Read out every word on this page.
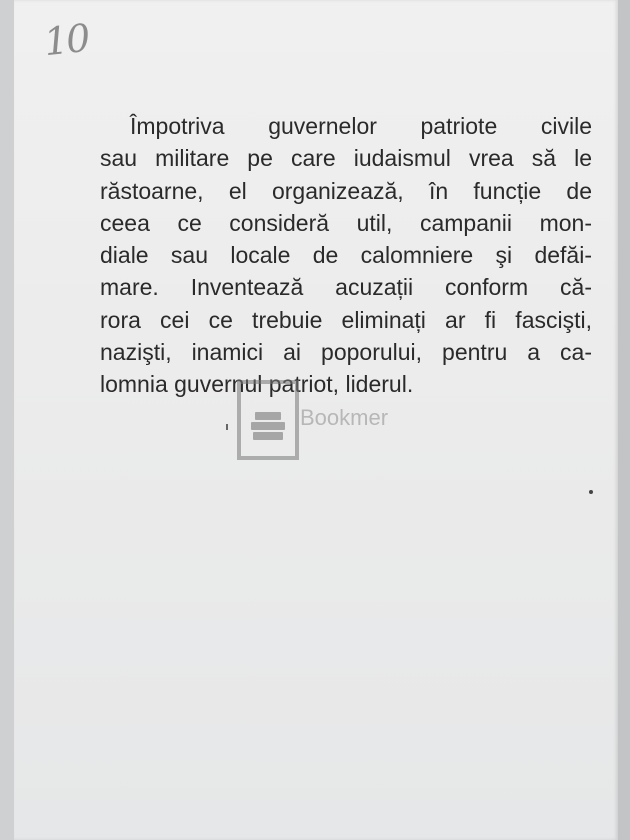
10
Împotriva guvernelor patriote civile
sau militare pe care iudaismul vrea să le
răstoarne, el organizează, în funcție de
ceea ce consideră util, campanii mon-
diale sau locale de calomniere şi defăi-
mare. Inventează acuzații conform că-
rora cei ce trebuie eliminați ar fi fascişti,
nazişti, inamici ai poporului, pentru a ca-
lomnia guvernul patriot, liderul.
Bookmer
